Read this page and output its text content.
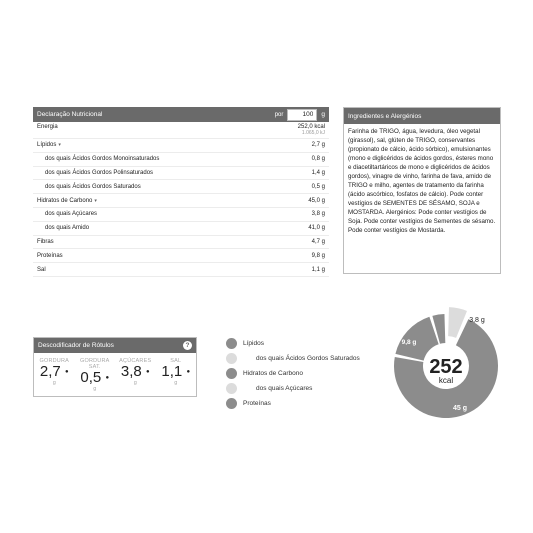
Declaração Nutricional	por
100	g
Energia	252,0 kcal
1.065,0 kJ
Lípidos ▾	2,7 g
dos quais Ácidos Gordos Monoinsaturados	0,8 g
dos quais Ácidos Gordos Polinsaturados	1,4 g
dos quais Ácidos Gordos Saturados	0,5 g
Hidratos de Carbono ▾	45,0 g
dos quais Açúcares	3,8 g
dos quais Amido	41,0 g
Fibras	4,7 g
Proteínas	9,8 g
Sal	1,1 g
Ingredientes e Alergénios
Farinha de TRIGO, água, levedura, óleo vegetal (girassol), sal, glúten de TRIGO, conservantes (propionato de cálcio, ácido sórbico), emulsionantes (mono e diglicéridos de ácidos gordos, ésteres mono e diacetiltartáricos de mono e diglicéridos de ácidos gordos), vinagre de vinho, farinha de fava, amido de TRIGO e milho, agentes de tratamento da farinha (ácido ascórbico, fosfatos de cálcio). Pode conter vestígios de SEMENTES DE SÉSAMO, SOJA e MOSTARDA. Alergénios: Pode conter vestígios de Soja. Pode conter vestígios de Sementes de sésamo. Pode conter vestígios de Mostarda.
Descodificador de Rótulos	?
GORDURA
2,7 ●
g
GORDURA SAT.
0,5 ●
g
AÇÚCARES
3,8 ●
g
SAL
1,1 ●
g
Lípidos
dos quais Ácidos Gordos Saturados
Hidratos de Carbono
dos quais Açúcares
Proteínas
252
kcal
45 g
9,8 g
3,8 g
